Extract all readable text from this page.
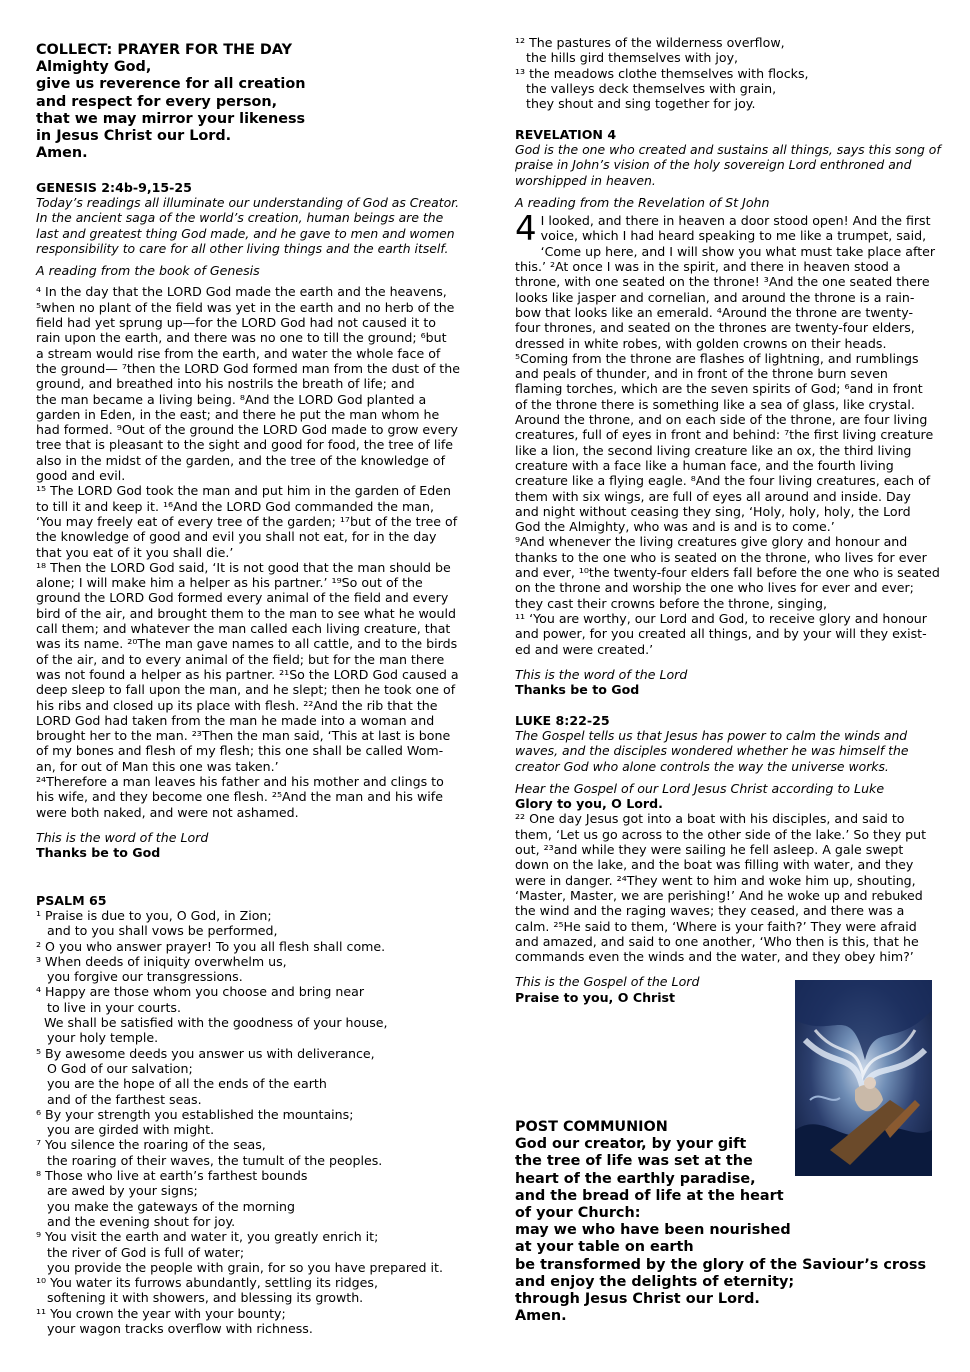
COLLECT: PRAYER FOR THE DAY
Almighty God,
give us reverence for all creation
and respect for every person,
that we may mirror your likeness
in Jesus Christ our Lord.
Amen.
GENESIS 2:4b-9,15-25
Today’s readings all illuminate our understanding of God as Creator. In the ancient saga of the world’s creation, human beings are the last and greatest thing God made, and he gave to men and women responsibility to care for all other living things and the earth itself.
A reading from the book of Genesis
⁴ In the day that the LORD God made the earth and the heavens,
⁵when no plant of the field was yet in the earth and no herb of the
field had yet sprung up—for the LORD God had not caused it to
rain upon the earth, and there was no one to till the ground; ⁶but
a stream would rise from the earth, and water the whole face of
the ground— ⁷then the LORD God formed man from the dust of the
ground, and breathed into his nostrils the breath of life; and
the man became a living being. ⁸And the LORD God planted a
garden in Eden, in the east; and there he put the man whom he
had formed. ⁹Out of the ground the LORD God made to grow every
tree that is pleasant to the sight and good for food, the tree of life
also in the midst of the garden, and the tree of the knowledge of
good and evil.
¹⁵ The LORD God took the man and put him in the garden of Eden
to till it and keep it. ¹⁶And the LORD God commanded the man,
‘You may freely eat of every tree of the garden; ¹⁷but of the tree of
the knowledge of good and evil you shall not eat, for in the day
that you eat of it you shall die.’
¹⁸ Then the LORD God said, ‘It is not good that the man should be
alone; I will make him a helper as his partner.’ ¹⁹So out of the
ground the LORD God formed every animal of the field and every
bird of the air, and brought them to the man to see what he would
call them; and whatever the man called each living creature, that
was its name. ²⁰The man gave names to all cattle, and to the birds
of the air, and to every animal of the field; but for the man there
was not found a helper as his partner. ²¹So the LORD God caused a
deep sleep to fall upon the man, and he slept; then he took one of
his ribs and closed up its place with flesh. ²²And the rib that the
LORD God had taken from the man he made into a woman and
brought her to the man. ²³Then the man said, ‘This at last is bone
of my bones and flesh of my flesh; this one shall be called Wom-
an, for out of Man this one was taken.’
²⁴Therefore a man leaves his father and his mother and clings to
his wife, and they become one flesh. ²⁵And the man and his wife
were both naked, and were not ashamed.
This is the word of the Lord
Thanks be to God
PSALM 65
¹ Praise is due to you, O God, in Zion;
and to you shall vows be performed,
² O you who answer prayer! To you all flesh shall come.
³ When deeds of iniquity overwhelm us,
you forgive our transgressions.
⁴ Happy are those whom you choose and bring near
to live in your courts.
We shall be satisfied with the goodness of your house,
your holy temple.
⁵ By awesome deeds you answer us with deliverance,
O God of our salvation;
you are the hope of all the ends of the earth
and of the farthest seas.
⁶ By your strength you established the mountains;
you are girded with might.
⁷ You silence the roaring of the seas,
the roaring of their waves, the tumult of the peoples.
⁸ Those who live at earth’s farthest bounds
are awed by your signs;
you make the gateways of the morning
and the evening shout for joy.
⁹ You visit the earth and water it, you greatly enrich it;
the river of God is full of water;
you provide the people with grain, for so you have prepared it.
¹⁰ You water its furrows abundantly, settling its ridges,
softening it with showers, and blessing its growth.
¹¹ You crown the year with your bounty;
your wagon tracks overflow with richness.
¹² The pastures of the wilderness overflow,
the hills gird themselves with joy,
¹³ the meadows clothe themselves with flocks,
the valleys deck themselves with grain,
they shout and sing together for joy.
REVELATION 4
God is the one who created and sustains all things, says this song of praise in John’s vision of the holy sovereign Lord enthroned and worshipped in heaven.
A reading from the Revelation of St John
4 I looked, and there in heaven a door stood open! And the first
voice, which I had heard speaking to me like a trumpet, said,
‘Come up here, and I will show you what must take place after
this.’ ²At once I was in the spirit, and there in heaven stood a
throne, with one seated on the throne! ³And the one seated there
looks like jasper and cornelian, and around the throne is a rain-
bow that looks like an emerald. ⁴Around the throne are twenty-
four thrones, and seated on the thrones are twenty-four elders,
dressed in white robes, with golden crowns on their heads.
⁵Coming from the throne are flashes of lightning, and rumblings
and peals of thunder, and in front of the throne burn seven
flaming torches, which are the seven spirits of God; ⁶and in front
of the throne there is something like a sea of glass, like crystal.
Around the throne, and on each side of the throne, are four living
creatures, full of eyes in front and behind: ⁷the first living creature
like a lion, the second living creature like an ox, the third living
creature with a face like a human face, and the fourth living
creature like a flying eagle. ⁸And the four living creatures, each of
them with six wings, are full of eyes all around and inside. Day
and night without ceasing they sing, ‘Holy, holy, holy, the Lord
God the Almighty, who was and is and is to come.’
⁹And whenever the living creatures give glory and honour and
thanks to the one who is seated on the throne, who lives for ever
and ever, ¹⁰the twenty-four elders fall before the one who is seated
on the throne and worship the one who lives for ever and ever;
they cast their crowns before the throne, singing,
¹¹ ‘You are worthy, our Lord and God, to receive glory and honour
and power, for you created all things, and by your will they exist-
ed and were created.’
This is the word of the Lord
Thanks be to God
LUKE 8:22-25
The Gospel tells us that Jesus has power to calm the winds and waves, and the disciples wondered whether he was himself the creator God who alone controls the way the universe works.
Hear the Gospel of our Lord Jesus Christ according to Luke
Glory to you, O Lord.
²² One day Jesus got into a boat with his disciples, and said to
them, ‘Let us go across to the other side of the lake.’ So they put
out, ²³and while they were sailing he fell asleep. A gale swept
down on the lake, and the boat was filling with water, and they
were in danger. ²⁴They went to him and woke him up, shouting,
‘Master, Master, we are perishing!’ And he woke up and rebuked
the wind and the raging waves; they ceased, and there was a
calm. ²⁵He said to them, ‘Where is your faith?’ They were afraid
and amazed, and said to one another, ‘Who then is this, that he
commands even the winds and the water, and they obey him?’
This is the Gospel of the Lord
Praise to you, O Christ
POST COMMUNION
God our creator, by your gift
the tree of life was set at the
heart of the earthly paradise,
and the bread of life at the heart
of your Church:
may we who have been nourished
at your table on earth
be transformed by the glory of the Saviour’s cross
and enjoy the delights of eternity;
through Jesus Christ our Lord.
Amen.
